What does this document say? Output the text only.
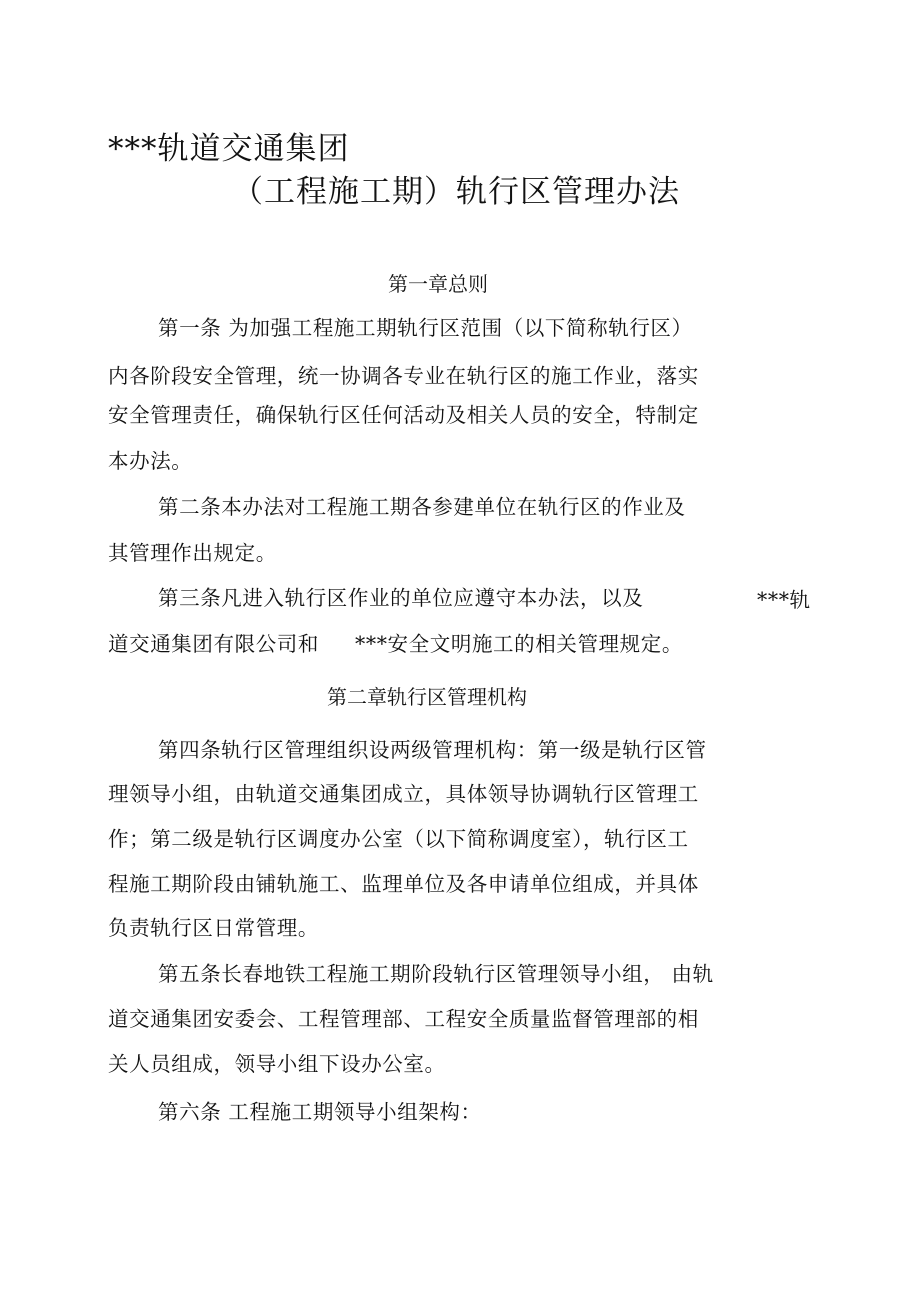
***轨道交通集团
（工程施工期）轨行区管理办法
第一章总则
第一条 为加强工程施工期轨行区范围（以下简称轨行区）
内各阶段安全管理，统一协调各专业在轨行区的施工作业，落实
安全管理责任，确保轨行区任何活动及相关人员的安全，特制定
本办法。
第二条本办法对工程施工期各参建单位在轨行区的作业及
其管理作出规定。
第三条凡进入轨行区作业的单位应遵守本办法，以及	***轨
道交通集团有限公司和 ***安全文明施工的相关管理规定。
第二章轨行区管理机构
第四条轨行区管理组织设两级管理机构：第一级是轨行区管
理领导小组，由轨道交通集团成立，具体领导协调轨行区管理工
作；第二级是轨行区调度办公室（以下简称调度室），轨行区工
程施工期阶段由铺轨施工、监理单位及各申请单位组成，并具体
负责轨行区日常管理。
第五条长春地铁工程施工期阶段轨行区管理领导小组， 由轨
道交通集团安委会、工程管理部、工程安全质量监督管理部的相
关人员组成，领导小组下设办公室。
第六条 工程施工期领导小组架构：
